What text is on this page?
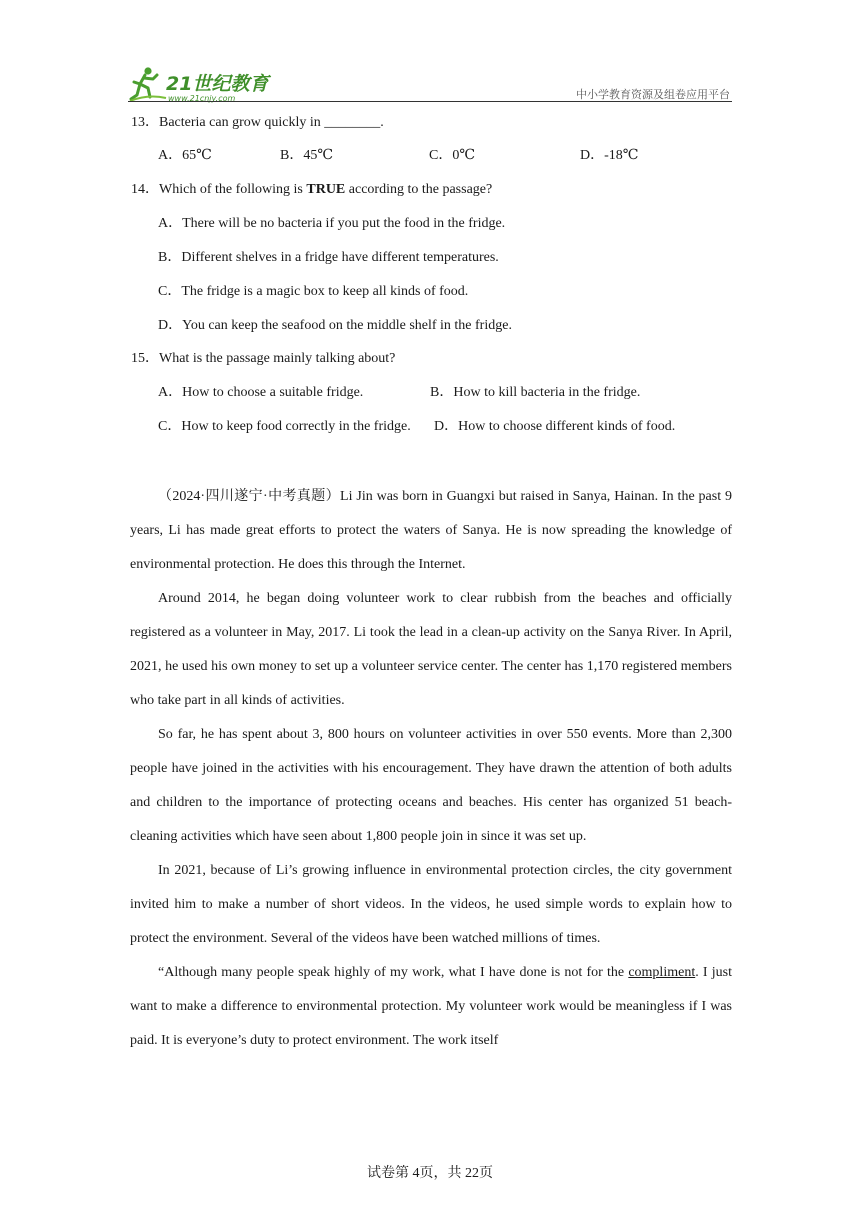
21世纪教育
www.21cnjy.com	中小学教育资源及组卷应用平台
13．Bacteria can grow quickly in ________.
A．65℃	B．45℃	C．0℃	D．-18℃
14．Which of the following is TRUE according to the passage?
A．There will be no bacteria if you put the food in the fridge.
B．Different shelves in a fridge have different temperatures.
C．The fridge is a magic box to keep all kinds of food.
D．You can keep the seafood on the middle shelf in the fridge.
15．What is the passage mainly talking about?
A．How to choose a suitable fridge.	B．How to kill bacteria in the fridge.
C．How to keep food correctly in the fridge. D．How to choose different kinds of food.

（2024·四川遂宁·中考真题）Li Jin was born in Guangxi but raised in Sanya, Hainan. In the past 9 years, Li has made great efforts to protect the waters of Sanya. He is now spreading the knowledge of environmental protection. He does this through the Internet.

Around 2014, he began doing volunteer work to clear rubbish from the beaches and officially registered as a volunteer in May, 2017. Li took the lead in a clean-up activity on the Sanya River. In April, 2021, he used his own money to set up a volunteer service center. The center has 1,170 registered members who take part in all kinds of activities.

So far, he has spent about 3, 800 hours on volunteer activities in over 550 events. More than 2,300 people have joined in the activities with his encouragement. They have drawn the attention of both adults and children to the importance of protecting oceans and beaches. His center has organized 51 beach-cleaning activities which have seen about 1,800 people join in since it was set up.

In 2021, because of Li’s growing influence in environmental protection circles, the city government invited him to make a number of short videos. In the videos, he used simple words to explain how to protect the environment. Several of the videos have been watched millions of times.

“Although many people speak highly of my work, what I have done is not for the compliment. I just want to make a difference to environmental protection. My volunteer work would be meaningless if I was paid. It is everyone’s duty to protect environment. The work itself

试卷第 4页，共 22页
